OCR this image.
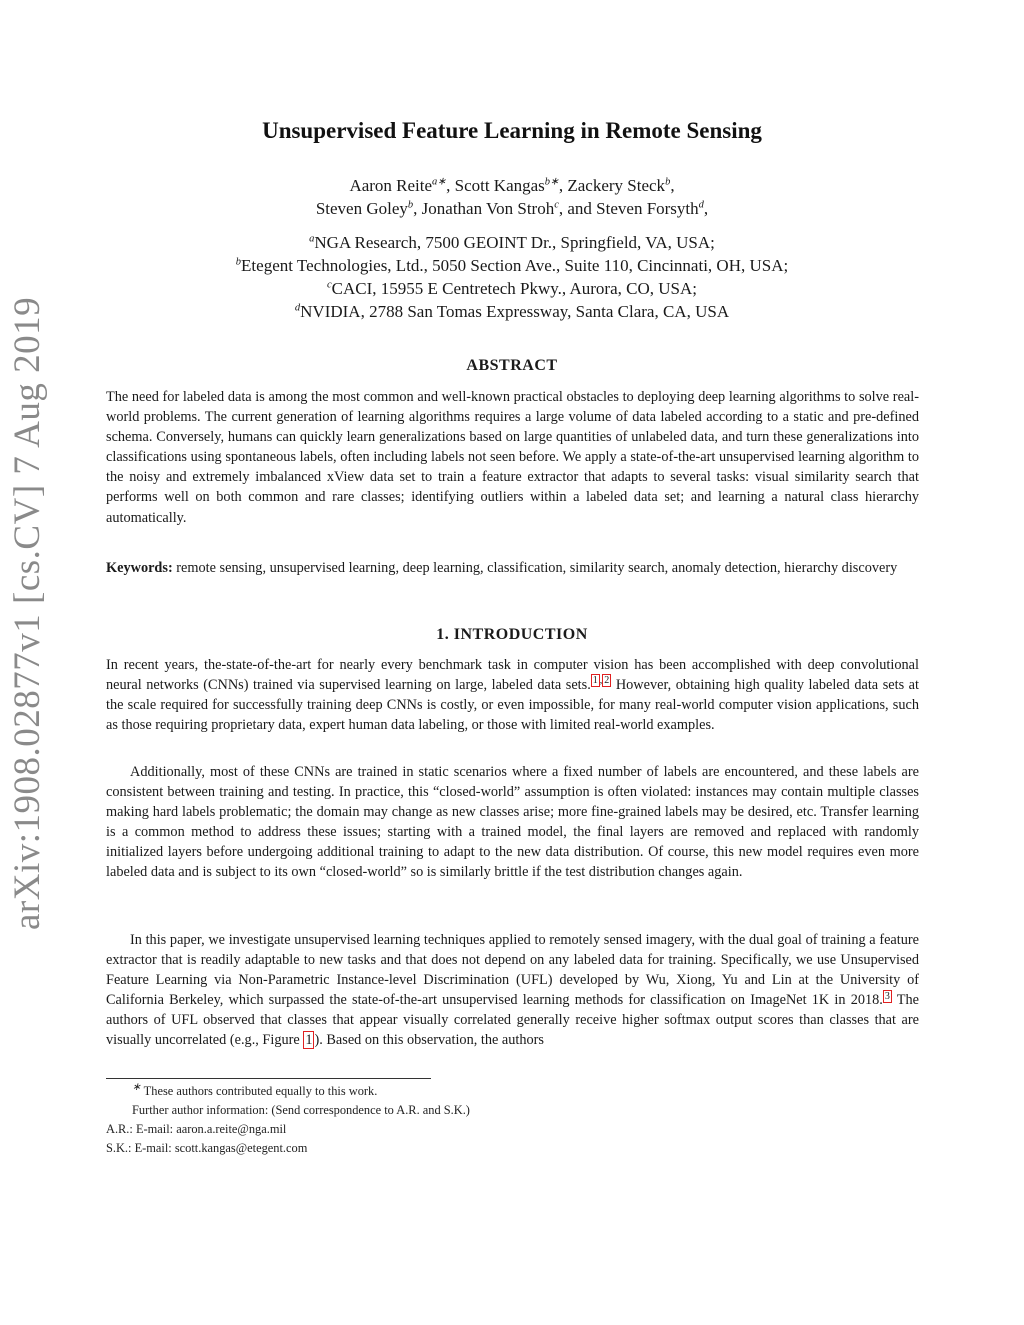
arXiv:1908.02877v1 [cs.CV] 7 Aug 2019
Unsupervised Feature Learning in Remote Sensing
Aaron Reite$^{a∗}$, Scott Kangas$^{b∗}$, Zackery Steck$^b$,
Steven Goley$^b$, Jonathan Von Stroh$^c$, and Steven Forsyth$^d$,
$^a$NGA Research, 7500 GEOINT Dr., Springfield, VA, USA;
$^b$Etegent Technologies, Ltd., 5050 Section Ave., Suite 110, Cincinnati, OH, USA;
$^c$CACI, 15955 E Centretech Pkwy., Aurora, CO, USA;
$^d$NVIDIA, 2788 San Tomas Expressway, Santa Clara, CA, USA
ABSTRACT
The need for labeled data is among the most common and well-known practical obstacles to deploying deep learning algorithms to solve real-world problems. The current generation of learning algorithms requires a large volume of data labeled according to a static and pre-defined schema. Conversely, humans can quickly learn generalizations based on large quantities of unlabeled data, and turn these generalizations into classifications using spontaneous labels, often including labels not seen before. We apply a state-of-the-art unsupervised learning algorithm to the noisy and extremely imbalanced xView data set to train a feature extractor that adapts to several tasks: visual similarity search that performs well on both common and rare classes; identifying outliers within a labeled data set; and learning a natural class hierarchy automatically.
Keywords: remote sensing, unsupervised learning, deep learning, classification, similarity search, anomaly detection, hierarchy discovery
1. INTRODUCTION
In recent years, the-state-of-the-art for nearly every benchmark task in computer vision has been accomplished with deep convolutional neural networks (CNNs) trained via supervised learning on large, labeled data sets. $^1$ , $^2$ However, obtaining high quality labeled data sets at the scale required for successfully training deep CNNs is costly, or even impossible, for many real-world computer vision applications, such as those requiring proprietary data, expert human data labeling, or those with limited real-world examples.
Additionally, most of these CNNs are trained in static scenarios where a fixed number of labels are encountered, and these labels are consistent between training and testing. In practice, this “closed-world” assumption is often violated: instances may contain multiple classes making hard labels problematic; the domain may change as new classes arise; more fine-grained labels may be desired, etc. Transfer learning is a common method to address these issues; starting with a trained model, the final layers are removed and replaced with randomly initialized layers before undergoing additional training to adapt to the new data distribution. Of course, this new model requires even more labeled data and is subject to its own “closed-world” so is similarly brittle if the test distribution changes again.
In this paper, we investigate unsupervised learning techniques applied to remotely sensed imagery, with the dual goal of training a feature extractor that is readily adaptable to new tasks and that does not depend on any labeled data for training. Specifically, we use Unsupervised Feature Learning via Non-Parametric Instance-level Discrimination (UFL) developed by Wu, Xiong, Yu and Lin at the University of California Berkeley, which surpassed the state-of-the-art unsupervised learning methods for classification on ImageNet 1K in 2018. $^3$ The authors of UFL observed that classes that appear visually correlated generally receive higher softmax output scores than classes that are visually uncorrelated (e.g., Figure 1 ). Based on this observation, the authors
∗ These authors contributed equally to this work.
Further author information: (Send correspondence to A.R. and S.K.)
A.R.: E-mail: aaron.a.reite@nga.mil
S.K.: E-mail: scott.kangas@etegent.com
